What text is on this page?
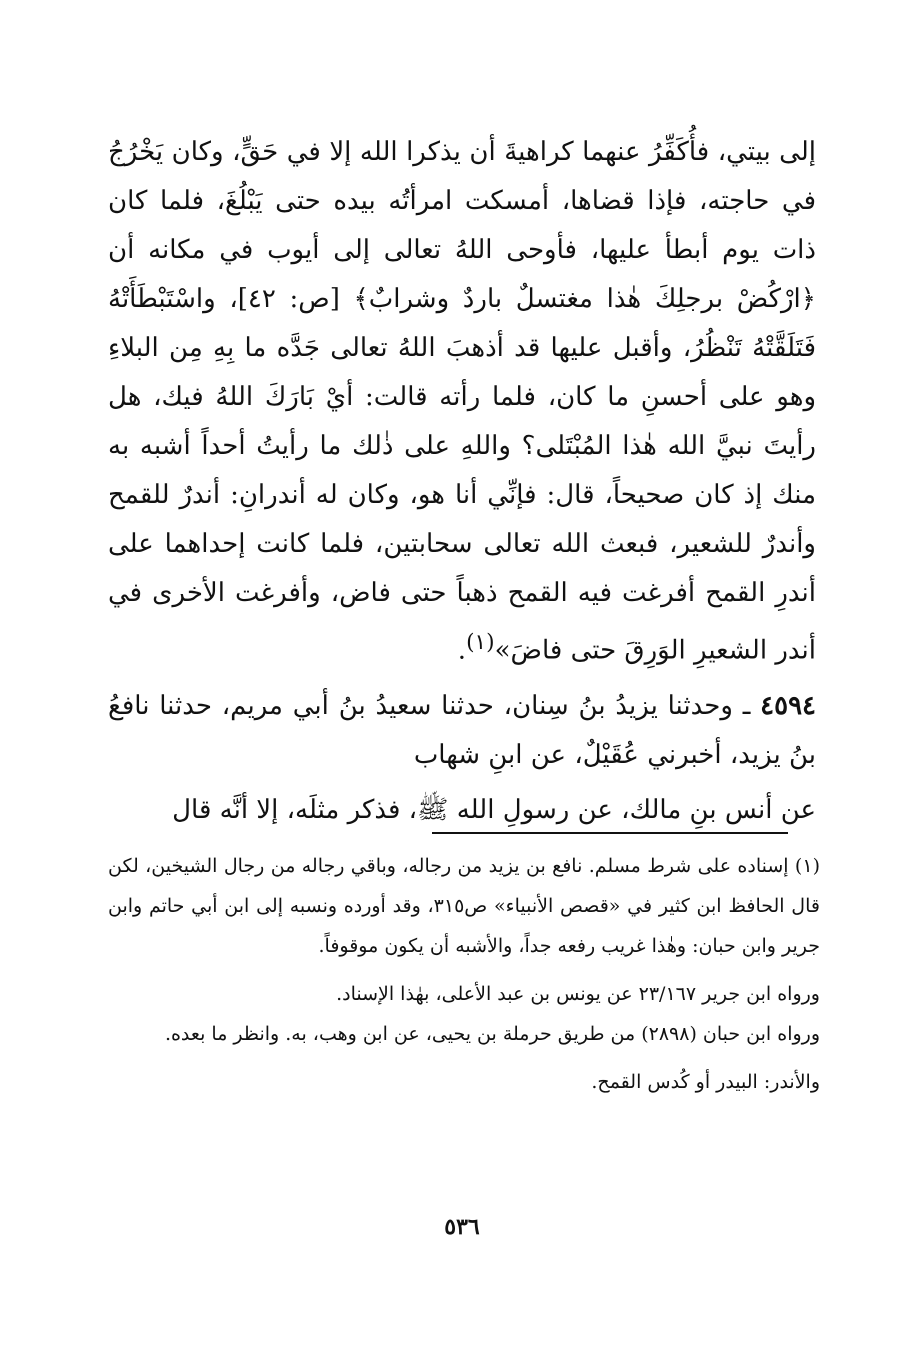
إلى بيتي، فأُكَفِّرُ عنهما كراهيةَ أن يذكرا الله إلا في حَقٍّ، وكان يَخْرُجُ في حاجته، فإذا قضاها، أمسكت امرأتُه بيده حتى يَبْلُغَ، فلما كان ذات يوم أبطأ عليها، فأوحى اللهُ تعالى إلى أيوب في مكانه أن ﴿ارْكُضْ برجلِكَ هٰذا مغتسلٌ باردٌ وشرابٌ﴾ [ص: ٤٢]، واسْتَبْطَأَتْهُ فَتَلَقَّتْهُ تَنْظُرُ، وأقبل عليها قد أذهبَ اللهُ تعالى جَدَّه ما بِهِ مِن البلاءِ وهو على أحسنِ ما كان، فلما رأته قالت: أيْ بَارَكَ اللهُ فيك، هل رأيتَ نبيَّ الله هٰذا المُبْتَلى؟ واللهِ على ذٰلك ما رأيتُ أحداً أشبه به منك إذ كان صحيحاً، قال: فإنِّي أنا هو، وكان له أندرانِ: أندرٌ للقمح وأندرٌ للشعير، فبعث الله تعالى سحابتين، فلما كانت إحداهما على أندرِ القمح أفرغت فيه القمح ذهباً حتى فاض، وأفرغت الأخرى في أندر الشعيرِ الوَرِقَ حتى فاضَ»$^{(١)}$.

٤٥٩٤ ـ وحدثنا يزيدُ بنُ سِنان، حدثنا سعيدُ بنُ أبي مريم، حدثنا نافعُ بنُ يزيد، أخبرني عُقَيْلٌ، عن ابنِ شهاب

عن أنس بنِ مالك، عن رسولِ الله ﷺ، فذكر مثلَه، إلا أنَّه قال

(١) إسناده على شرط مسلم. نافع بن يزيد من رجاله، وباقي رجاله من رجال الشيخين، لكن قال الحافظ ابن كثير في «قصص الأنبياء» ص٣١٥، وقد أورده ونسبه إلى ابن أبي حاتم وابن جرير وابن حبان: وهٰذا غريب رفعه جداً، والأشبه أن يكون موقوفاً.

ورواه ابن جرير ٢٣/١٦٧ عن يونس بن عبد الأعلى، بهٰذا الإسناد.

ورواه ابن حبان (٢٨٩٨) من طريق حرملة بن يحيى، عن ابن وهب، به. وانظر ما بعده.

والأندر: البيدر أو كُدس القمح.

٥٣٦
